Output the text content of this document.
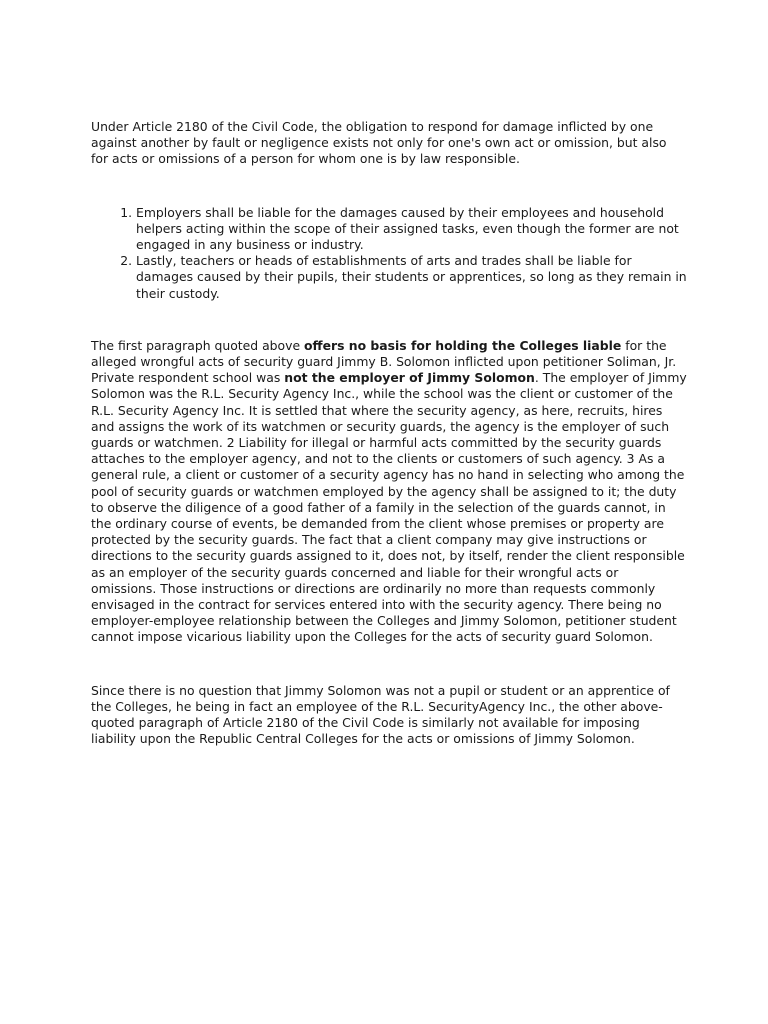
Under Article 2180 of the Civil Code, the obligation to respond for damage inflicted by one against another by fault or negligence exists not only for one's own act or omission, but also for acts or omissions of a person for whom one is by law responsible.

1. Employers shall be liable for the damages caused by their employees and household helpers acting within the scope of their assigned tasks, even though the former are not engaged in any business or industry.
2. Lastly, teachers or heads of establishments of arts and trades shall be liable for damages caused by their pupils, their students or apprentices, so long as they remain in their custody.

The first paragraph quoted above offers no basis for holding the Colleges liable for the alleged wrongful acts of security guard Jimmy B. Solomon inflicted upon petitioner Soliman, Jr. Private respondent school was not the employer of Jimmy Solomon. The employer of Jimmy Solomon was the R.L. Security Agency Inc., while the school was the client or customer of the R.L. Security Agency Inc. It is settled that where the security agency, as here, recruits, hires and assigns the work of its watchmen or security guards, the agency is the employer of such guards or watchmen. 2 Liability for illegal or harmful acts committed by the security guards attaches to the employer agency, and not to the clients or customers of such agency. 3 As a general rule, a client or customer of a security agency has no hand in selecting who among the pool of security guards or watchmen employed by the agency shall be assigned to it; the duty to observe the diligence of a good father of a family in the selection of the guards cannot, in the ordinary course of events, be demanded from the client whose premises or property are protected by the security guards. The fact that a client company may give instructions or directions to the security guards assigned to it, does not, by itself, render the client responsible as an employer of the security guards concerned and liable for their wrongful acts or omissions. Those instructions or directions are ordinarily no more than requests commonly envisaged in the contract for services entered into with the security agency. There being no employer-employee relationship between the Colleges and Jimmy Solomon, petitioner student cannot impose vicarious liability upon the Colleges for the acts of security guard Solomon.

Since there is no question that Jimmy Solomon was not a pupil or student or an apprentice of the Colleges, he being in fact an employee of the R.L. SecurityAgency Inc., the other above-quoted paragraph of Article 2180 of the Civil Code is similarly not available for imposing liability upon the Republic Central Colleges for the acts or omissions of Jimmy Solomon.
